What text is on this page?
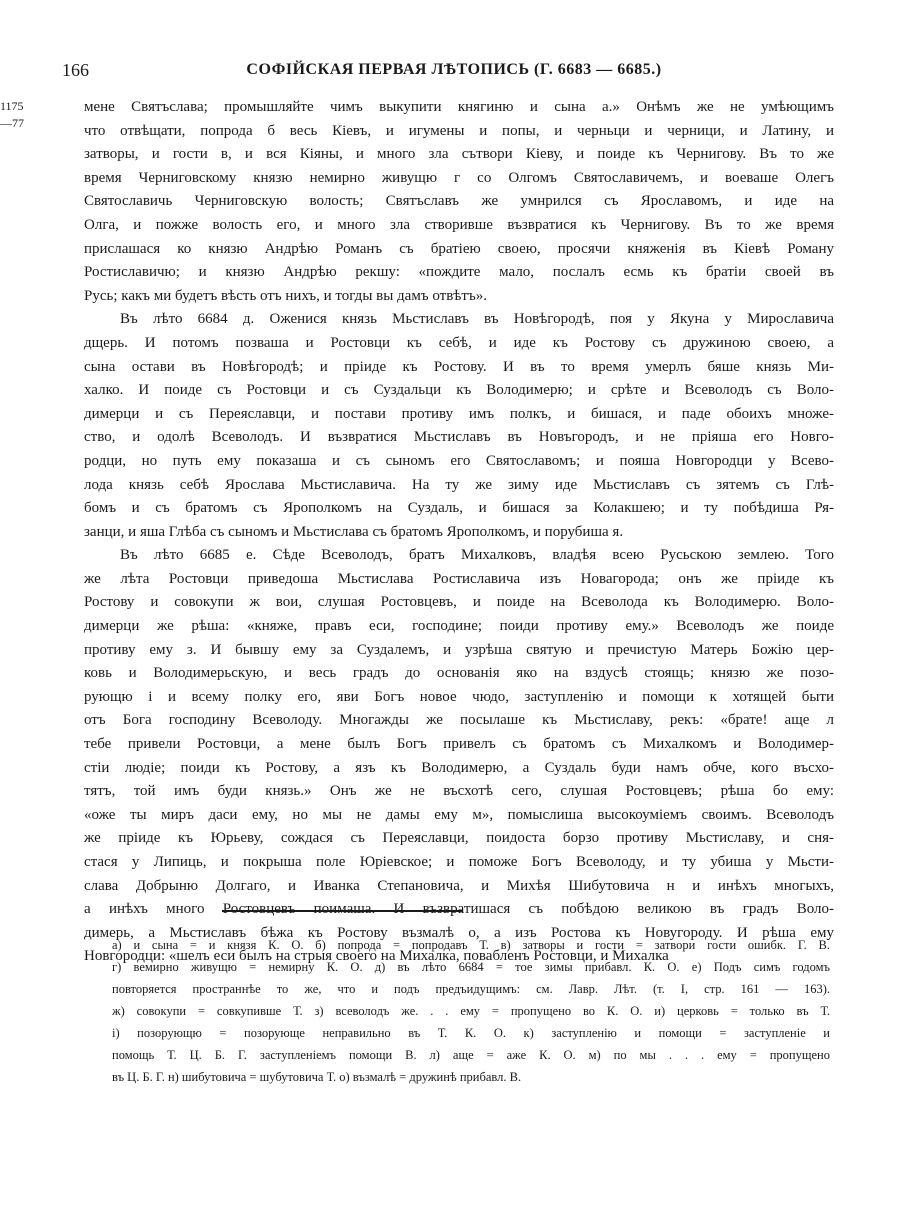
166	СОФІЙСКАЯ ПЕРВАЯ ЛѢТОПИСЬ (Г. 6683 — 6685.)
1175
—77
мене Святъслава; промышляйте чимъ выкупити княгиню и сына а.» Онѣмъ же не умѣющимъ
что отвѣщати, попрода б весь Кіевъ, и игумены и попы, и черньци и черници, и Латину, и
затворы, и гости в, и вся Кіяны, и много зла сътвори Кіеву, и поиде къ Чернигову. Въ то же
время Черниговскому князю немирно живущю г со Олгомъ Святославичемъ, и воеваше Олегъ
Святославичь Черниговскую волость; Святъславъ же умнрился съ Ярославомъ, и иде на
Олга, и пожже волость его, и много зла створивше възвратися къ Чернигову. Въ то же время
прислашася ко князю Андрѣю Романъ съ братіею своею, просячи княженія въ Кіевѣ Роману
Ростиславичю; и князю Андрѣю рекшу: «пождите мало, послалъ есмь къ братіи своей въ
Русь; какъ ми будетъ вѣсть отъ нихъ, и тогды вы дамъ отвѣтъ».
Въ лѣто 6684 д. Оженися князь Мьстиславъ въ Новѣгородѣ, поя у Якуна у Мирославича
дщерь. И потомъ позваша и Ростовци къ себѣ, и иде къ Ростову съ дружиною своею, а
сына остави въ Новѣгородѣ; и пріиде къ Ростову. И въ то время умерлъ бяше князь Ми-
халко. И поиде съ Ростовци и съ Суздальци къ Володимерю; и срѣте и Всеволодъ съ Воло-
димерци и съ Переяславци, и постави противу имъ полкъ, и бишася, и паде обоихъ множе-
ство, и одолѣ Всеволодъ. И възвратися Мьстиславъ въ Новъгородъ, и не пріяша его Новго-
родци, но путь ему показаша и съ сыномъ его Святославомъ; и пояша Новгородци у Всево-
лода князь себѣ Ярослава Мьстиславича. На ту же зиму иде Мьстиславъ съ зятемъ съ Глѣ-
бомъ и съ братомъ съ Ярополкомъ на Суздаль, и бишася за Колакшею; и ту побѣдиша Ря-
занци, и яша Глѣба съ сыномъ и Мьстислава съ братомъ Ярополкомъ, и порубиша я.
Въ лѣто 6685 е. Сѣде Всеволодъ, братъ Михалковъ, владѣя всею Русьскою землею. Того
же лѣта Ростовци приведоша Мьстислава Ростиславича изъ Новагорода; онъ же пріиде къ
Ростову и совокупи ж вои, слушая Ростовцевъ, и поиде на Всеволода къ Володимерю. Воло-
димерци же рѣша: «княже, правъ еси, господине; поиди противу ему.» Всеволодъ же поиде
противу ему з. И бывшу ему за Суздалемъ, и узрѣша святую и пречистую Матерь Божію цер-
ковь и Володимерьскую, и весь градъ до основанія яко на вздусѣ стоящь; князю же позо-
рующю і и всему полку его, яви Богъ новое чюдо, заступленію и помощи к хотящей быти
отъ Бога господину Всеволоду. Многажды же посылаше къ Мьстиславу, рекъ: «брате! аще л
тебе привели Ростовци, а мене былъ Богъ привелъ съ братомъ съ Михалкомъ и Володимер-
стіи людіе; поиди къ Ростову, а язъ къ Володимерю, а Суздаль буди намъ обче, кого въсхо-
тятъ, той имъ буди князь.» Онъ же не въсхотѣ сего, слушая Ростовцевъ; рѣша бо ему:
«оже ты миръ даси ему, но мы не дамы ему м», помыслиша высокоуміемъ своимъ. Всеволодъ
же пріиде къ Юрьеву, сождася съ Переяславци, поидоста борзо противу Мьстиславу, и сня-
стася у Липиць, и покрыша поле Юріевское; и поможе Богъ Всеволоду, и ту убиша у Мьсти-
слава Добрыню Долгаго, и Иванка Степановича, и Михѣя Шибутовича н и инѣхъ многыхъ,
а инѣхъ много Ростовцевъ поимаша. И възвратишася съ побѣдою великою въ градъ Воло-
димерь, а Мьстиславъ бѣжа къ Ростову възмалѣ о, а изъ Ростова къ Новугороду. И рѣша ему
Новгородци: «шелъ еси былъ на стрыя своего на Михалка, повабленъ Ростовци, и Михалка
а) и сына = и князя К. О. б) попрода = попродавъ Т. в) затворы и гости = затвори гости ошибк. Г. В.
г) вемирно живущю = немирну К. О. д) въ лѣто 6684 = тое зимы прибавл. К. О. е) Подъ симъ годомъ
повторяется пространнѣе то же, что и подъ предъидущимъ: см. Лавр. Лѣт. (т. I, стр. 161 — 163).
ж) совокупи = совкупивше Т. з) всеволодъ же. . . ему = пропущено во К. О. и) церковь = только въ Т.
і) позорующю = позорующе неправильно въ Т. К. О. к) заступленію и помощи = заступленіе и
помощь Т. Ц. Б. Г. заступленіемъ помощи В. л) аще = аже К. О. м) по мы . . . ему = пропущено
въ Ц. Б. Г. н) шибутовича = шубутовича Т. о) възмалѣ = дружинѣ прибавл. В.
